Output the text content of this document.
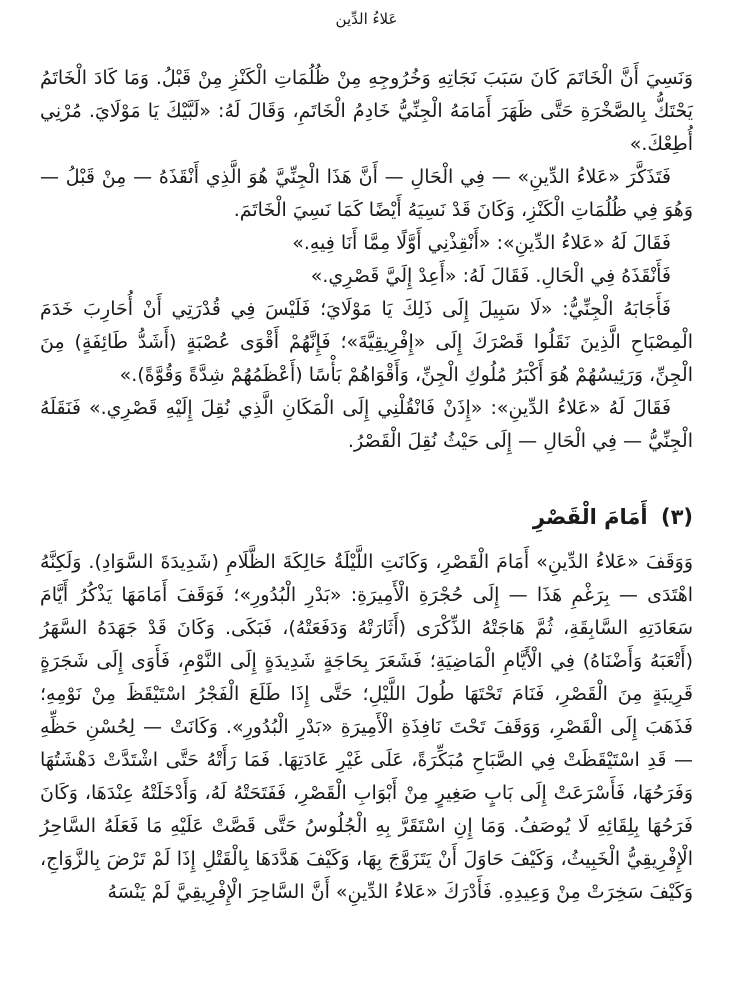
عَلاءُ الدِّين

وَنَسِيَ أَنَّ الْخَاتَمَ كَانَ سَبَبَ نَجَاتِهِ وَخُرُوجِهِ مِنْ ظُلُمَاتِ الْكَنْزِ مِنْ قَبْلُ. وَمَا كَادَ الْخَاتَمُ يَحْتَكُّ بِالصَّخْرَةِ حَتَّى ظَهَرَ أَمَامَهُ الْجِنِّيُّ خَادِمُ الْخَاتَمِ، وَقَالَ لَهُ: «لَبَّيْكَ يَا مَوْلَايَ. مُرْنِي أُطِعْكَ.»

فَتَذَكَّرَ «عَلاءُ الدِّينِ» — فِي الْحَالِ — أَنَّ هَذَا الْجِنِّيَّ هُوَ الَّذِي أَنْقَذَهُ — مِنْ قَبْلُ — وَهُوَ فِي ظُلُمَاتِ الْكَنْزِ، وَكَانَ قَدْ نَسِيَهُ أَيْضًا كَمَا نَسِيَ الْخَاتَمَ.

فَقَالَ لَهُ «عَلاءُ الدِّينِ»: «أَنْقِذْنِي أَوَّلًا مِمَّا أَنَا فِيهِ.»

فَأَنْقَذَهُ فِي الْحَالِ. فَقَالَ لَهُ: «أَعِدْ إِلَيَّ قَصْرِي.»

فَأَجَابَهُ الْجِنِّيُّ: «لَا سَبِيلَ إِلَى ذَلِكَ يَا مَوْلَايَ؛ فَلَيْسَ فِي قُدْرَتِي أَنْ أُحَارِبَ خَدَمَ الْمِصْبَاحِ الَّذِينَ نَقَلُوا قَصْرَكَ إِلَى «إِفْرِيقِيَّةَ»؛ فَإِنَّهُمْ أَقْوَى عُصْبَةٍ (أَشَدُّ طَائِفَةٍ) مِنَ الْجِنِّ، وَرَئِيسُهُمْ هُوَ أَكْبَرُ مُلُوكِ الْجِنِّ، وَأَقْوَاهُمْ بَأْسًا (أَعْظَمُهُمْ شِدَّةً وَقُوَّةً).»

فَقَالَ لَهُ «عَلاءُ الدِّينِ»: «إِذَنْ فَانْقُلْنِي إِلَى الْمَكَانِ الَّذِي نُقِلَ إِلَيْهِ قَصْرِي.» فَنَقَلَهُ الْجِنِّيُّ — فِي الْحَالِ — إِلَى حَيْثُ نُقِلَ الْقَصْرُ.

(٣) أَمَامَ الْقَصْرِ

وَوَقَفَ «عَلاءُ الدِّينِ» أَمَامَ الْقَصْرِ، وَكَانَتِ اللَّيْلَةُ حَالِكَةَ الظَّلَامِ (شَدِيدَةَ السَّوَادِ). وَلَكِنَّهُ اهْتَدَى — بِرَغْمِ هَذَا — إِلَى حُجْرَةِ الْأَمِيرَةِ: «بَدْرِ الْبُدُورِ»؛ فَوَقَفَ أَمَامَهَا يَذْكُرُ أَيَّامَ سَعَادَتِهِ السَّابِقَةِ، ثُمَّ هَاجَتْهُ الذِّكْرَى (أَثَارَتْهُ وَدَفَعَتْهُ)، فَبَكَى. وَكَانَ قَدْ جَهَدَهُ السَّهَرُ (أَتْعَبَهُ وَأَضْنَاهُ) فِي الْأَيَّامِ الْمَاضِيَةِ؛ فَشَعَرَ بِحَاجَةٍ شَدِيدَةٍ إِلَى النَّوْمِ، فَأَوَى إِلَى شَجَرَةٍ قَرِيبَةٍ مِنَ الْقَصْرِ، فَنَامَ تَحْتَهَا طُولَ اللَّيْلِ؛ حَتَّى إِذَا طَلَعَ الْفَجْرُ اسْتَيْقَظَ مِنْ نَوْمِهِ؛ فَذَهَبَ إِلَى الْقَصْرِ، وَوَقَفَ تَحْتَ نَافِذَةِ الْأَمِيرَةِ «بَدْرِ الْبُدُورِ». وَكَانَتْ — لِحُسْنِ حَظِّهِ — قَدِ اسْتَيْقَظَتْ فِي الصَّبَاحِ مُبَكِّرَةً، عَلَى غَيْرِ عَادَتِهَا. فَمَا رَأَتْهُ حَتَّى اشْتَدَّتْ دَهْشَتُهَا وَفَرَحُهَا، فَأَسْرَعَتْ إِلَى بَابٍ صَغِيرٍ مِنْ أَبْوَابِ الْقَصْرِ، فَفَتَحَتْهُ لَهُ، وَأَدْخَلَتْهُ عِنْدَهَا، وَكَانَ فَرَحُهَا بِلِقَائِهِ لَا يُوصَفُ. وَمَا إِنِ اسْتَقَرَّ بِهِ الْجُلُوسُ حَتَّى قَصَّتْ عَلَيْهِ مَا فَعَلَهُ السَّاحِرُ الْإِفْرِيقِيُّ الْخَبِيثُ، وَكَيْفَ حَاوَلَ أَنْ يَتَزَوَّجَ بِهَا، وَكَيْفَ هَدَّدَهَا بِالْقَتْلِ إِذَا لَمْ تَرْضَ بِالزَّوَاجِ، وَكَيْفَ سَخِرَتْ مِنْ وَعِيدِهِ. فَأَدْرَكَ «عَلاءُ الدِّينِ» أَنَّ السَّاحِرَ الْإِفْرِيقِيَّ لَمْ يَنْسَهُ
